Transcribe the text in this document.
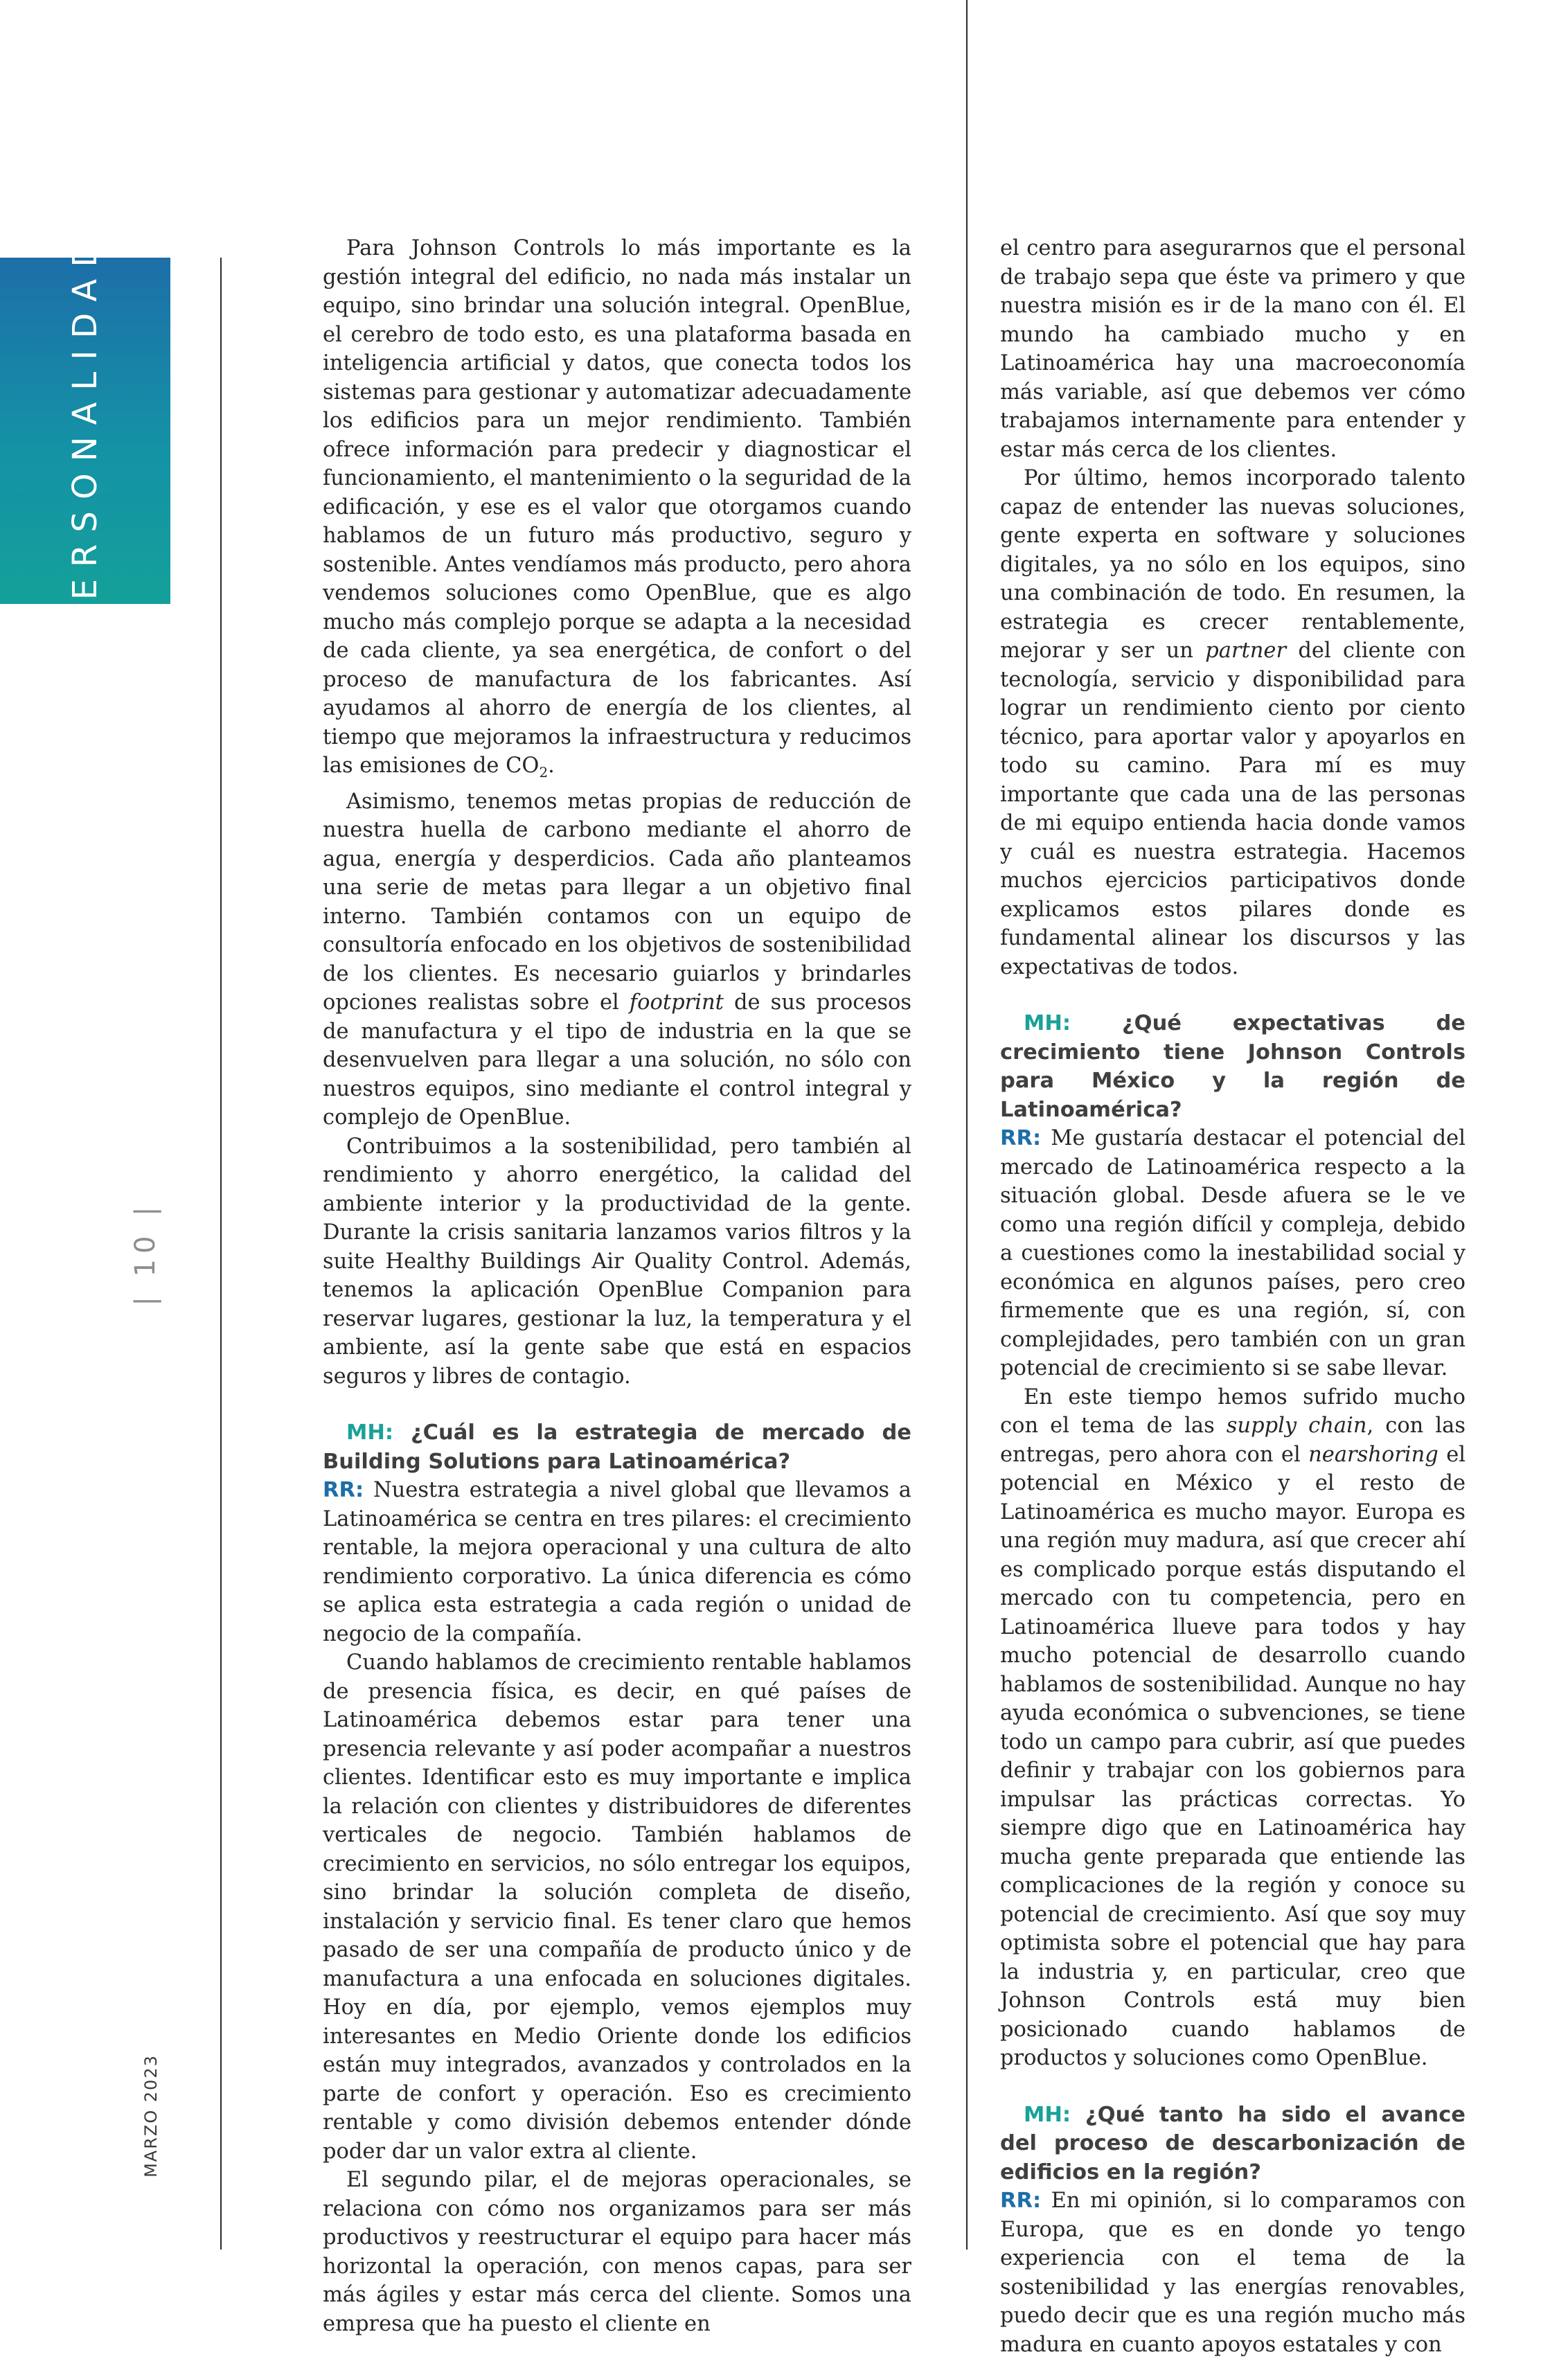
PERSONALIDAD
| 10 |
MARZO 2023

Para Johnson Controls lo más importante es la gestión integral del edificio, no nada más instalar un equipo, sino brindar una solución integral. OpenBlue, el cerebro de todo esto, es una plataforma basada en inteligencia artificial y datos, que conecta todos los sistemas para gestionar y automatizar adecuadamente los edificios para un mejor rendimiento. También ofrece información para predecir y diagnosticar el funcionamiento, el mantenimiento o la seguridad de la edificación, y ese es el valor que otorgamos cuando hablamos de un futuro más productivo, seguro y sostenible. Antes vendíamos más producto, pero ahora vendemos soluciones como OpenBlue, que es algo mucho más complejo porque se adapta a la necesidad de cada cliente, ya sea energética, de confort o del proceso de manufactura de los fabricantes. Así ayudamos al ahorro de energía de los clientes, al tiempo que mejoramos la infraestructura y reducimos las emisiones de $CO_2$.

Asimismo, tenemos metas propias de reducción de nuestra huella de carbono mediante el ahorro de agua, energía y desperdicios. Cada año planteamos una serie de metas para llegar a un objetivo final interno. También contamos con un equipo de consultoría enfocado en los objetivos de sostenibilidad de los clientes. Es necesario guiarlos y brindarles opciones realistas sobre el footprint de sus procesos de manufactura y el tipo de industria en la que se desenvuelven para llegar a una solución, no sólo con nuestros equipos, sino mediante el control integral y complejo de OpenBlue.

Contribuimos a la sostenibilidad, pero también al rendimiento y ahorro energético, la calidad del ambiente interior y la productividad de la gente. Durante la crisis sanitaria lanzamos varios filtros y la suite Healthy Buildings Air Quality Control. Además, tenemos la aplicación OpenBlue Companion para reservar lugares, gestionar la luz, la temperatura y el ambiente, así la gente sabe que está en espacios seguros y libres de contagio.

MH: ¿Cuál es la estrategia de mercado de Building Solutions para Latinoamérica?

RR: Nuestra estrategia a nivel global que llevamos a Latinoamérica se centra en tres pilares: el crecimiento rentable, la mejora operacional y una cultura de alto rendimiento corporativo. La única diferencia es cómo se aplica esta estrategia a cada región o unidad de negocio de la compañía.

Cuando hablamos de crecimiento rentable hablamos de presencia física, es decir, en qué países de Latinoamérica debemos estar para tener una presencia relevante y así poder acompañar a nuestros clientes. Identificar esto es muy importante e implica la relación con clientes y distribuidores de diferentes verticales de negocio. También hablamos de crecimiento en servicios, no sólo entregar los equipos, sino brindar la solución completa de diseño, instalación y servicio final. Es tener claro que hemos pasado de ser una compañía de producto único y de manufactura a una enfocada en soluciones digitales. Hoy en día, por ejemplo, vemos ejemplos muy interesantes en Medio Oriente donde los edificios están muy integrados, avanzados y controlados en la parte de confort y operación. Eso es crecimiento rentable y como división debemos entender dónde poder dar un valor extra al cliente.

El segundo pilar, el de mejoras operacionales, se relaciona con cómo nos organizamos para ser más productivos y reestructurar el equipo para hacer más horizontal la operación, con menos capas, para ser más ágiles y estar más cerca del cliente. Somos una empresa que ha puesto el cliente en

el centro para asegurarnos que el personal de trabajo sepa que éste va primero y que nuestra misión es ir de la mano con él. El mundo ha cambiado mucho y en Latinoamérica hay una macroeconomía más variable, así que debemos ver cómo trabajamos internamente para entender y estar más cerca de los clientes.

Por último, hemos incorporado talento capaz de entender las nuevas soluciones, gente experta en software y soluciones digitales, ya no sólo en los equipos, sino una combinación de todo. En resumen, la estrategia es crecer rentablemente, mejorar y ser un partner del cliente con tecnología, servicio y disponibilidad para lograr un rendimiento ciento por ciento técnico, para aportar valor y apoyarlos en todo su camino. Para mí es muy importante que cada una de las personas de mi equipo entienda hacia donde vamos y cuál es nuestra estrategia. Hacemos muchos ejercicios participativos donde explicamos estos pilares donde es fundamental alinear los discursos y las expectativas de todos.

MH: ¿Qué expectativas de crecimiento tiene Johnson Controls para México y la región de Latinoamérica?

RR: Me gustaría destacar el potencial del mercado de Latinoamérica respecto a la situación global. Desde afuera se le ve como una región difícil y compleja, debido a cuestiones como la inestabilidad social y económica en algunos países, pero creo firmemente que es una región, sí, con complejidades, pero también con un gran potencial de crecimiento si se sabe llevar.

En este tiempo hemos sufrido mucho con el tema de las supply chain, con las entregas, pero ahora con el nearshoring el potencial en México y el resto de Latinoamérica es mucho mayor. Europa es una región muy madura, así que crecer ahí es complicado porque estás disputando el mercado con tu competencia, pero en Latinoamérica llueve para todos y hay mucho potencial de desarrollo cuando hablamos de sostenibilidad. Aunque no hay ayuda económica o subvenciones, se tiene todo un campo para cubrir, así que puedes definir y trabajar con los gobiernos para impulsar las prácticas correctas. Yo siempre digo que en Latinoamérica hay mucha gente preparada que entiende las complicaciones de la región y conoce su potencial de crecimiento. Así que soy muy optimista sobre el potencial que hay para la industria y, en particular, creo que Johnson Controls está muy bien posicionado cuando hablamos de productos y soluciones como OpenBlue.

MH: ¿Qué tanto ha sido el avance del proceso de descarbonización de edificios en la región?

RR: En mi opinión, si lo comparamos con Europa, que es en donde yo tengo experiencia con el tema de la sostenibilidad y las energías renovables, puedo decir que es una región mucho más madura en cuanto apoyos estatales y con
